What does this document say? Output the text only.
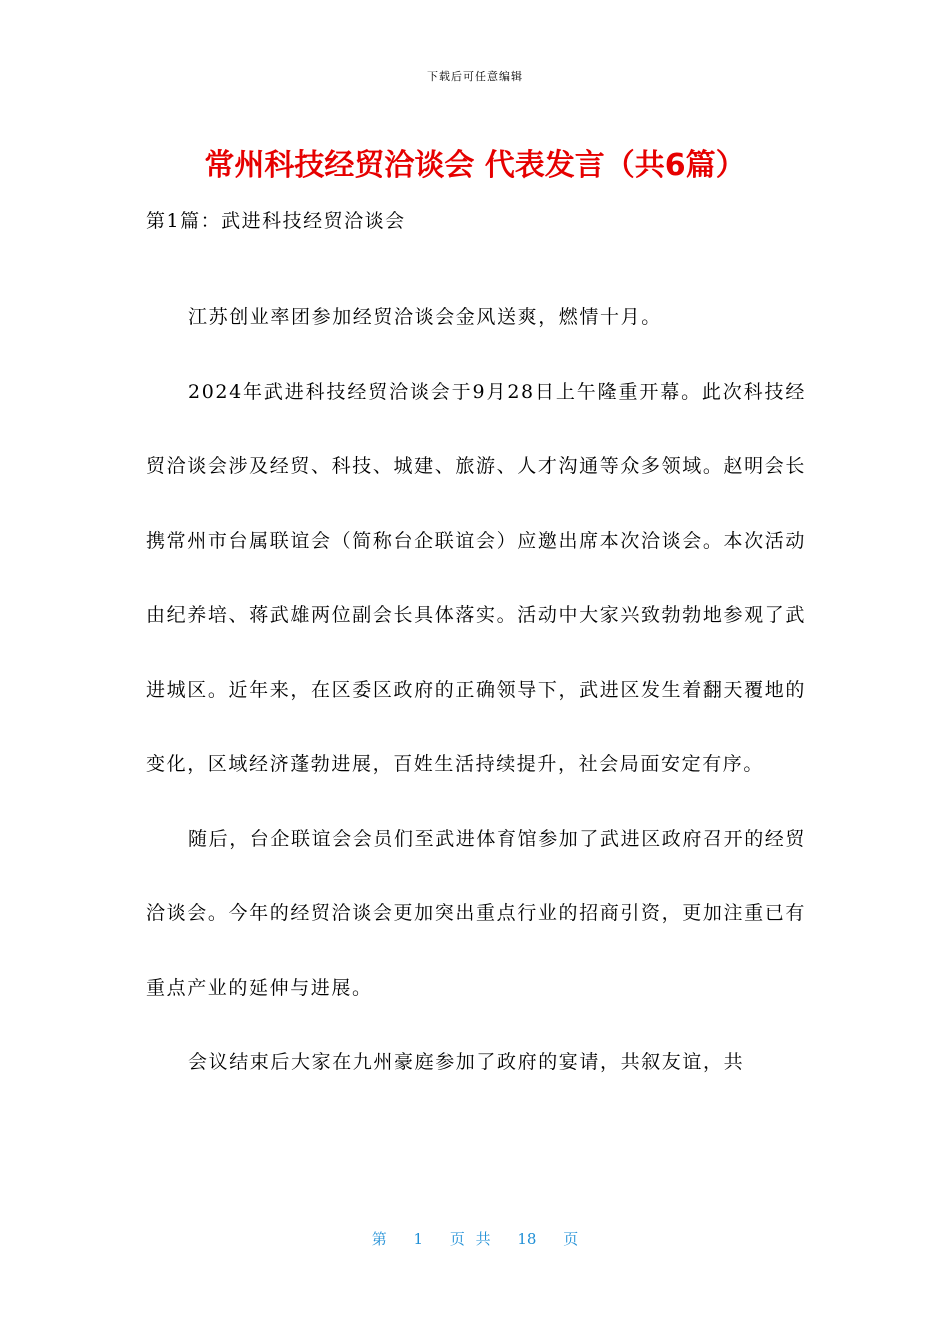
下载后可任意编辑
常州科技经贸洽谈会 代表发言（共6篇）
第1篇：武进科技经贸洽谈会

江苏创业率团参加经贸洽谈会金风送爽，燃情十月。

2024年武进科技经贸洽谈会于9月28日上午隆重开幕。此次科技经贸洽谈会涉及经贸、科技、城建、旅游、人才沟通等众多领域。赵明会长携常州市台属联谊会（简称台企联谊会）应邀出席本次洽谈会。本次活动由纪养培、蒋武雄两位副会长具体落实。活动中大家兴致勃勃地参观了武进城区。近年来，在区委区政府的正确领导下，武进区发生着翻天覆地的变化，区域经济蓬勃进展，百姓生活持续提升，社会局面安定有序。

随后，台企联谊会会员们至武进体育馆参加了武进区政府召开的经贸洽谈会。今年的经贸洽谈会更加突出重点行业的招商引资，更加注重已有重点产业的延伸与进展。

会议结束后大家在九州豪庭参加了政府的宴请，共叙友谊，共

第 1 页 共 18 页
